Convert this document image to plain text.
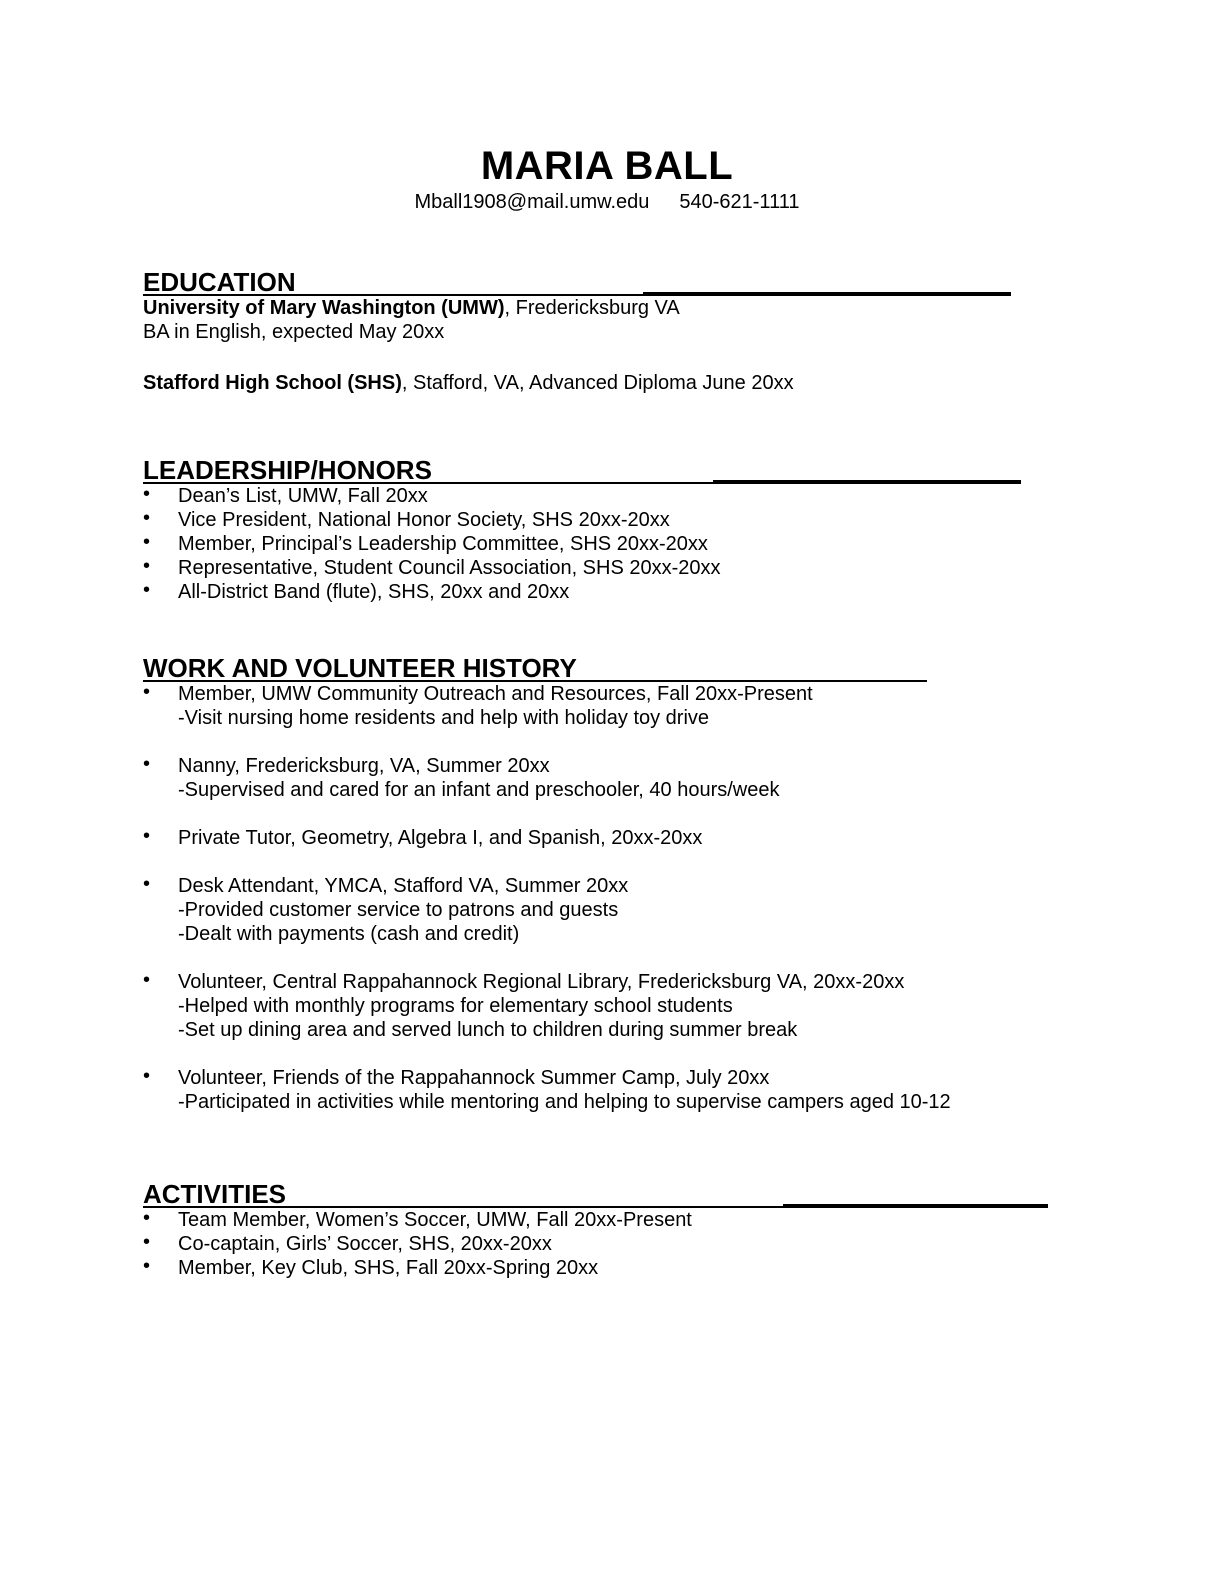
MARIA BALL
Mball1908@mail.umw.edu 540-621-1111
EDUCATION
University of Mary Washington (UMW), Fredericksburg VA
BA in English, expected May 20xx
Stafford High School (SHS), Stafford, VA, Advanced Diploma June 20xx
LEADERSHIP/HONORS
• Dean’s List, UMW, Fall 20xx
• Vice President, National Honor Society, SHS 20xx-20xx
• Member, Principal’s Leadership Committee, SHS 20xx-20xx
• Representative, Student Council Association, SHS 20xx-20xx
• All-District Band (flute), SHS, 20xx and 20xx
WORK AND VOLUNTEER HISTORY
• Member, UMW Community Outreach and Resources, Fall 20xx-Present
-Visit nursing home residents and help with holiday toy drive
• Nanny, Fredericksburg, VA, Summer 20xx
-Supervised and cared for an infant and preschooler, 40 hours/week
• Private Tutor, Geometry, Algebra I, and Spanish, 20xx-20xx
• Desk Attendant, YMCA, Stafford VA, Summer 20xx
-Provided customer service to patrons and guests
-Dealt with payments (cash and credit)
• Volunteer, Central Rappahannock Regional Library, Fredericksburg VA, 20xx-20xx
-Helped with monthly programs for elementary school students
-Set up dining area and served lunch to children during summer break
• Volunteer, Friends of the Rappahannock Summer Camp, July 20xx
-Participated in activities while mentoring and helping to supervise campers aged 10-12
ACTIVITIES
• Team Member, Women’s Soccer, UMW, Fall 20xx-Present
• Co-captain, Girls’ Soccer, SHS, 20xx-20xx
• Member, Key Club, SHS, Fall 20xx-Spring 20xx
